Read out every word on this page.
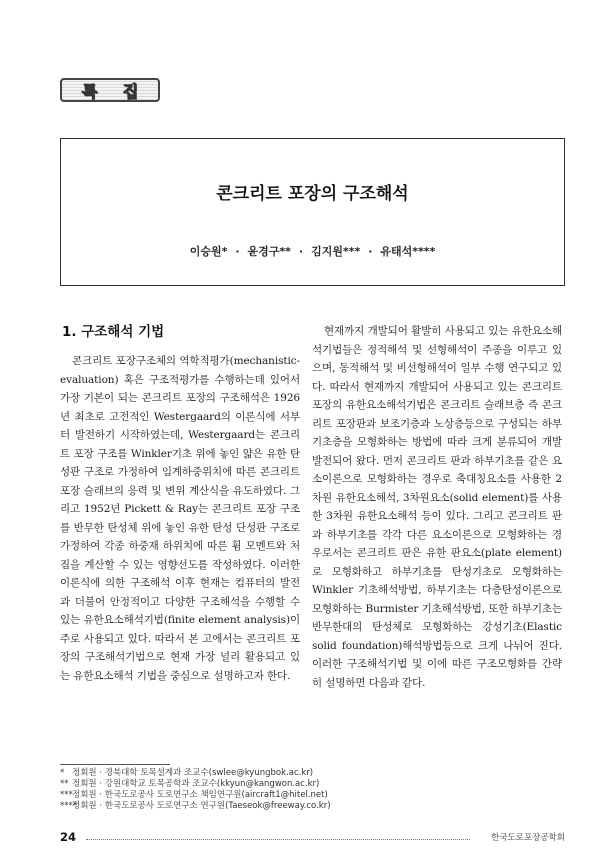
특 집
콘크리트 포장의 구조해석
이승원* · 윤경구** · 김지원*** · 유태석****
1. 구조해석 기법
콘크리트 포장구조체의 역학적평가(mechanistic-evaluation) 혹은 구조적평가를 수행하는데 있어서 가장 기본이 되는 콘크리트 포장의 구조해석은 1926년 최초로 고전적인 Westergaard의 이론식에 서부터 발전하기 시작하였는데, Westergaard는 콘크리트 포장 구조를 Winkler기초 위에 놓인 얇은 유한 탄성판 구조로 가정하여 임계하중위치에 따른 콘크리트 포장 슬래브의 응력 및 변위 계산식을 유도하였다. 그리고 1952년 Pickett & Ray는 콘크리트 포장 구조를 반무한 탄성체 위에 놓인 유한 탄성 단성판 구조로 가정하여 각종 하중재 하위치에 따른 휨 모멘트와 처짐을 계산할 수 있는 영향선도를 작성하였다. 이러한 이론식에 의한 구조해석 이후 현재는 컴퓨터의 발전과 더불어 안정적이고 다양한 구조해석을 수행할 수 있는 유한요소해석기법(finite element analysis)이 주로 사용되고 있다. 따라서 본 고에서는 콘크리트 포장의 구조해석기법으로 현재 가장 널리 활용되고 있는 유한요소해석 기법을 중심으로 설명하고자 한다.
현재까지 개발되어 활발히 사용되고 있는 유한요소해석기법들은 정적해석 및 선형해석이 주종을 이루고 있으며, 동적해석 및 비선형해석이 일부 수행 연구되고 있다. 따라서 현재까지 개발되어 사용되고 있는 콘크리트 포장의 유한요소해석기법은 콘크리트 슬래브층 즉 콘크리트 포장판과 보조기층과 노상층등으로 구성되는 하부기초층을 모형화하는 방법에 따라 크게 분류되어 개발 발전되어 왔다. 먼저 콘크리트 판과 하부기초를 같은 요소이론으로 모형화하는 경우로 축대칭요소를 사용한 2차원 유한요소해석, 3차원요소(solid element)를 사용한 3차원 유한요소해석 등이 있다. 그리고 콘크리트 판과 하부기초를 각각 다른 요소이론으로 모형화하는 경우로서는 콘크리트 판은 유한 판요소(plate element)로 모형화하고 하부기초를 탄성기초로 모형화하는 Winkler 기초해석방법, 하부기초는 다층탄성이론으로 모형화하는 Burmister 기초해석방법, 또한 하부기초는 반무한대의 탄성체로 모형화하는 강성기초(Elastic solid foundation)해석방법등으로 크게 나뉘어 진다. 이러한 구조해석기법 및 이에 따른 구조모형화를 간략히 설명하면 다음과 같다.
* 정회원 · 경북대학 토목설계과 조교수(swlee@kyungbok.ac.kr)
** 정회원 · 강원대학교 토목공학과 조교수(kkyun@kangwon.ac.kr)
***정회원 · 한국도로공사 도로연구소 책임연구원(aircraft1@hitel.net)
****정회원 · 한국도로공사 도로연구소 연구원(Taeseok@freeway.co.kr)
24	한국도로포장공학회
